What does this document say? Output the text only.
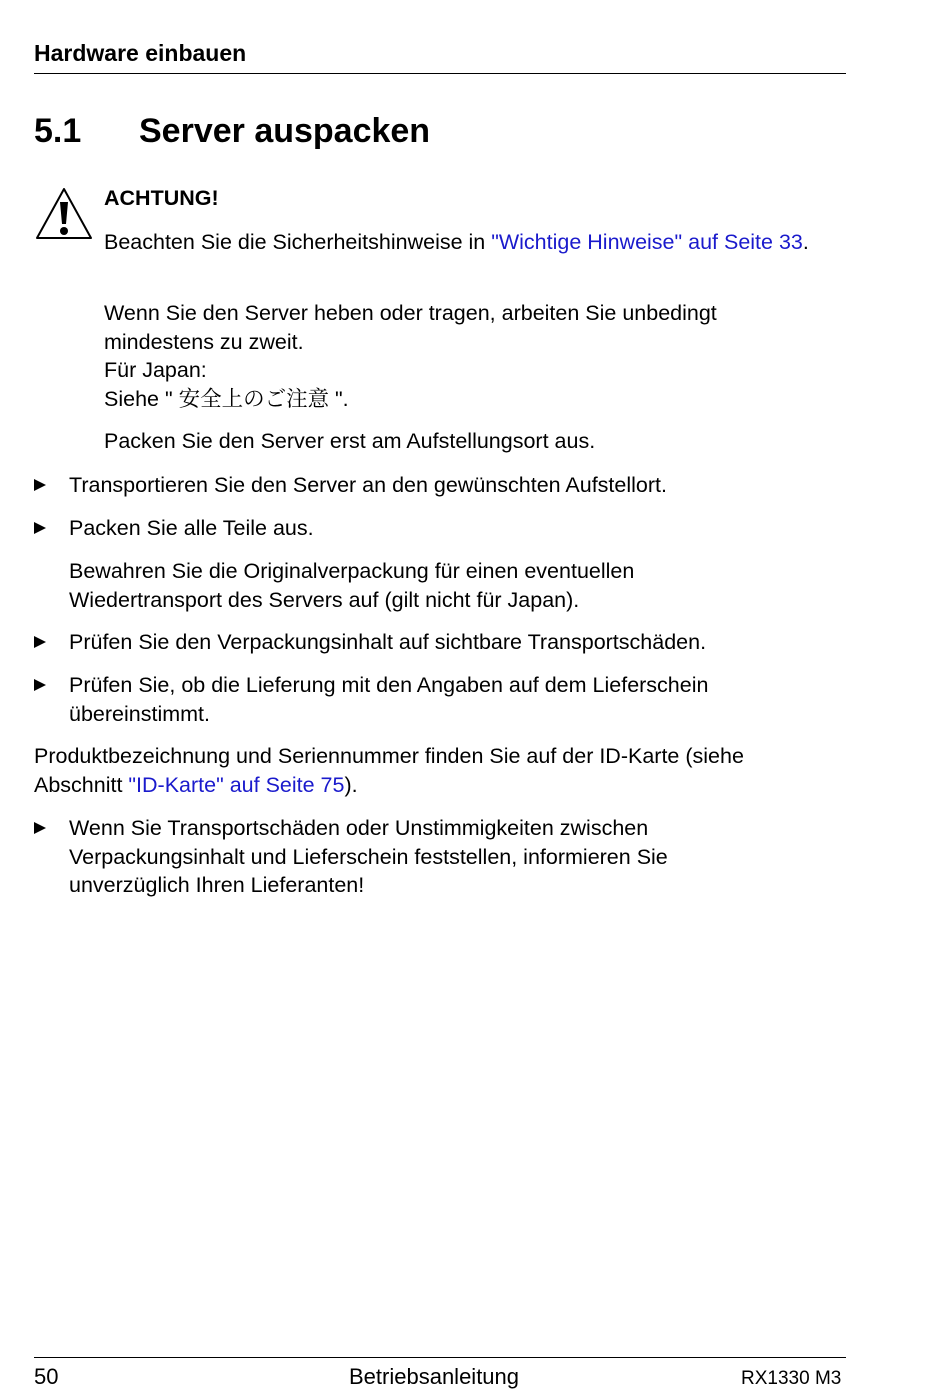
Hardware einbauen
5.1 Server auspacken
ACHTUNG!
Beachten Sie die Sicherheitshinweise in "Wichtige Hinweise" auf Seite 33.
Wenn Sie den Server heben oder tragen, arbeiten Sie unbedingt mindestens zu zweit.
Für Japan:
Siehe " 安全上のご注意 ".
Packen Sie den Server erst am Aufstellungsort aus.
Transportieren Sie den Server an den gewünschten Aufstellort.
Packen Sie alle Teile aus.
Bewahren Sie die Originalverpackung für einen eventuellen Wiedertransport des Servers auf (gilt nicht für Japan).
Prüfen Sie den Verpackungsinhalt auf sichtbare Transportschäden.
Prüfen Sie, ob die Lieferung mit den Angaben auf dem Lieferschein übereinstimmt.
Produktbezeichnung und Seriennummer finden Sie auf der ID-Karte (siehe Abschnitt "ID-Karte" auf Seite 75).
Wenn Sie Transportschäden oder Unstimmigkeiten zwischen Verpackungsinhalt und Lieferschein feststellen, informieren Sie unverzüglich Ihren Lieferanten!
50	Betriebsanleitung	RX1330 M3
